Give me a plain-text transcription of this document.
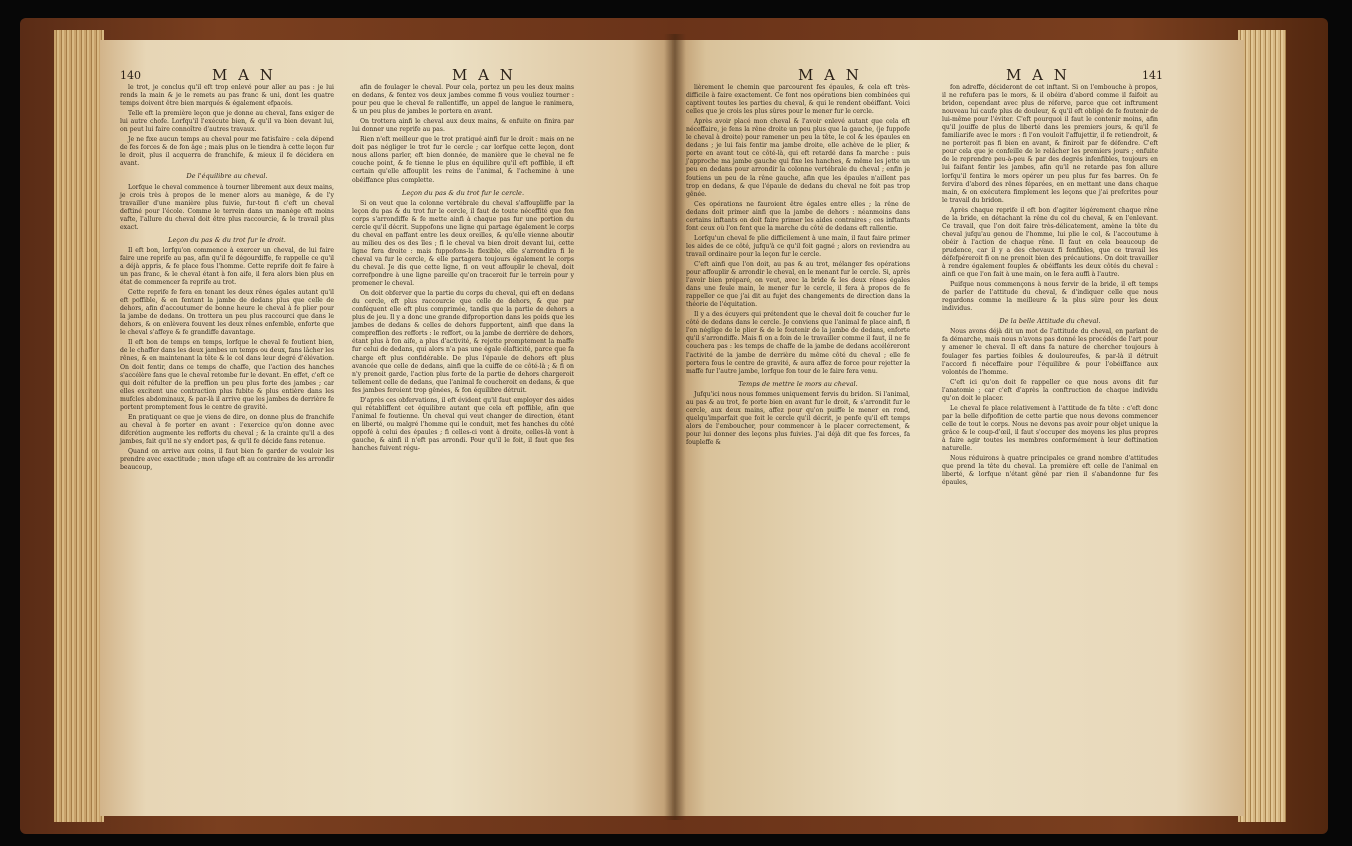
140	M A N	M A N

le trot, je conclus qu'il eft trop enlevé pour aller au pas : je lui rends la main & je le remets au pas franc & uni, dont les quatre temps doivent être bien marqués & également efpacés.

Telle eft la première leçon que je donne au cheval, fans exiger de lui autre chofe. Lorfqu'il l'exécute bien, & qu'il va bien devant lui, on peut lui faire connoître d'autres travaux.

Je ne fixe aucun temps au cheval pour me fatisfaire : cela dépend de fes forces & de fon âge ; mais plus on le tiendra à cette leçon fur le droit, plus il acquerra de franchife, & mieux il fe décidera en avant.

De l'équilibre au cheval.

Lorfque le cheval commence à tourner librement aux deux mains, je crois très à propos de le mener alors au manège, & de l'y travailler d'une manière plus fuivie, fur-tout fi c'eft un cheval deftiné pour l'école. Comme le terrein dans un manège eft moins vafte, l'allure du cheval doit être plus raccourcie, & le travail plus exact.

Leçon du pas & du trot fur le droit.

Il eft bon, lorfqu'on commence à exercer un cheval, de lui faire faire une reprife au pas, afin qu'il fe dégourdiffe, fe rappelle ce qu'il a déjà appris, & fe place fous l'homme. Cette reprife doit fe faire à un pas franc, & le cheval étant à fon aife, il fera alors bien plus en état de commencer fa reprife au trot.

Cette reprife fe fera en tenant les deux rênes égales autant qu'il eft poffible, & en fentant la jambe de dedans plus que celle de dehors, afin d'accoutumer de bonne heure le cheval à fe plier pour la jambe de dedans. On trottera un peu plus raccourci que dans le dehors, & on enlèvera fouvent les deux rênes enfemble, enforte que le cheval s'affeye & fe grandiffe davantage.

Il eft bon de temps en temps, lorfque le cheval fe foutient bien, de le chaffer dans les deux jambes un temps ou deux, fans lâcher les rênes, & en maintenant la tête & le col dans leur degré d'élévation. On doit fentir, dans ce temps de chaffe, que l'action des hanches s'accélère fans que le cheval retombe fur le devant. En effet, c'eft ce qui doit réfulter de la preffion un peu plus forte des jambes ; car elles excitent une contraction plus fubite & plus entière dans les mufcles abdominaux, & par-là il arrive que les jambes de derrière fe portent promptement fous le centre de gravité.

En pratiquant ce que je viens de dire, on donne plus de franchife au cheval à fe porter en avant : l'exercice qu'on donne avec difcrétion augmente les refforts du cheval ; & la crainte qu'il a des jambes, fait qu'il ne s'y endort pas, & qu'il fe décide fans retenue.

Quand on arrive aux coins, il faut bien fe garder de vouloir les prendre avec exactitude ; mon ufage eft au contraire de les arrondir beaucoup,

afin de foulager le cheval. Pour cela, portez un peu les deux mains en dedans, & fentez vos deux jambes comme fi vous vouliez tourner : pour peu que le cheval fe rallentiffe, un appel de langue le ranimera, & un peu plus de jambes le portera en avant.

On trottera ainfi le cheval aux deux mains, & enfuite on finira par lui donner une reprife au pas.

Rien n'eft meilleur que le trot pratiqué ainfi fur le droit : mais on ne doit pas négliger le trot fur le cercle ; car lorfque cette leçon, dont nous allons parler, eft bien donnée, de manière que le cheval ne fe couche point, & fe tienne le plus en équilibre qu'il eft poffible, il eft certain qu'elle affouplit les reins de l'animal, & l'achemine à une obéiffance plus complette.

Leçon du pas & du trot fur le cercle.

Si on veut que la colonne vertébrale du cheval s'affoupliffe par la leçon du pas & du trot fur le cercle, il faut de toute néceffité que fon corps s'arrondiffe & fe mette ainfi à chaque pas fur une portion du cercle qu'il décrit. Suppofons une ligne qui partage également le corps du cheval en paffant entre les deux oreilles, & qu'elle vienne aboutir au milieu des os des îles ; fi le cheval va bien droit devant lui, cette ligne fera droite : mais fuppofons-la flexible, elle s'arrondira fi le cheval va fur le cercle, & elle partagera toujours également le corps du cheval. Je dis que cette ligne, fi on veut affouplir le cheval, doit correfpondre à une ligne pareille qu'on traceroit fur le terrein pour y promener le cheval.

On doit obferver que la partie du corps du cheval, qui eft en dedans du cercle, eft plus raccourcie que celle de dehors, & que par conféquent elle eft plus comprimée, tandis que la partie de dehors a plus de jeu. Il y a donc une grande difproportion dans les poids que les jambes de dedans & celles de dehors fupportent, ainfi que dans la compreffion des refforts : le reffort, ou la jambe de derrière de dehors, étant plus à fon aife, a plus d'activité, & rejette promptement la maffe fur celui de dedans, qui alors n'a pas une égale élafticité, parce que fa charge eft plus confidérable. De plus l'épaule de dehors eft plus avancée que celle de dedans, ainfi que la cuiffe de ce côté-là ; & fi on n'y prenoit garde, l'action plus forte de la partie de dehors chargeroit tellement celle de dedans, que l'animal fe coucheroit en dedans, & que fes jambes feroient trop gênées, & fon équilibre détruit.

D'après ces obfervations, il eft évident qu'il faut employer des aides qui rétabliffent cet équilibre autant que cela eft poffible, afin que l'animal fe foutienne. Un cheval qui veut changer de direction, étant en liberté, ou malgré l'homme qui le conduit, met fes hanches du côté oppofé à celui des épaules ; fi celles-ci vont à droite, celles-là vont à gauche, & ainfi il n'eft pas arrondi. Pour qu'il le foit, il faut que fes hanches fuivent régu-

M A N	M A N	141

lièrement le chemin que parcourent fes épaules, & cela eft très-difficile à faire exactement. Ce font nos opérations bien combinées qui captivent toutes les parties du cheval, & qui le rendent obéiffant. Voici celles que je crois les plus sûres pour le mener fur le cercle.

Après avoir placé mon cheval & l'avoir enlevé autant que cela eft néceffaire, je fens la rêne droite un peu plus que la gauche, (je fuppofe le cheval à droite) pour ramener un peu la tête, le col & les épaules en dedans ; je lui fais fentir ma jambe droite, elle achève de le plier, & porte en avant tout ce côté-là, qui eft retardé dans fa marche : puis j'approche ma jambe gauche qui fixe les hanches, & même les jette un peu en dedans pour arrondir la colonne vertébrale du cheval ; enfin je foutiens un peu de la rêne gauche, afin que les épaules n'aillent pas trop en dedans, & que l'épaule de dedans du cheval ne foit pas trop gênée.

Ces opérations ne fauroient être égales entre elles ; la rêne de dedans doit primer ainfi que la jambe de dehors : néanmoins dans certains inftants on doit faire primer les aides contraires ; ces inftants font ceux où l'on fent que la marche du côté de dedans eft rallentie.

Lorfqu'un cheval fe plie difficilement à une main, il faut faire primer les aides de ce côté, jufqu'à ce qu'il foit gagné ; alors on reviendra au travail ordinaire pour la leçon fur le cercle.

C'eft ainfi que l'on doit, au pas & au trot, mélanger fes opérations pour affouplir & arrondir le cheval, en le menant fur le cercle. Si, après l'avoir bien préparé, on veut, avec la bride & les deux rênes égales dans une feule main, le mener fur le cercle, il fera à propos de fe rappeller ce que j'ai dit au fujet des changements de direction dans la théorie de l'équitation.

Il y a des écuyers qui prétendent que le cheval doit fe coucher fur le côté de dedans dans le cercle. Je conviens que l'animal fe place ainfi, fi l'on néglige de le plier & de le foutenir de la jambe de dedans, enforte qu'il s'arrondiffe. Mais fi on a foin de le travailler comme il faut, il ne fe couchera pas : les temps de chaffe de la jambe de dedans accéléreront l'activité de la jambe de derrière du même côté du cheval ; elle fe portera fous le centre de gravité, & aura affez de force pour rejetter la maffe fur l'autre jambe, lorfque fon tour de le faire fera venu.

Temps de mettre le mors au cheval.

Jufqu'ici nous nous fommes uniquement fervis du bridon. Si l'animal, au pas & au trot, fe porte bien en avant fur le droit, & s'arrondit fur le cercle, aux deux mains, affez pour qu'on puiffe le mener en rond, quelqu'imparfait que foit le cercle qu'il décrit, je penfe qu'il eft temps alors de l'emboucher, pour commencer à le placer correctement, & pour lui donner des leçons plus fuivies. J'ai déjà dit que fes forces, fa foupleffe &

fon adreffe, décideront de cet inftant. Si on l'embouche à propos, il ne refufera pas le mors, & il obéira d'abord comme il faifoit au bridon, cependant avec plus de réferve, parce que cet inftrument nouveau lui caufe plus de douleur, & qu'il eft obligé de fe foutenir de lui-même pour l'éviter. C'eft pourquoi il faut le contenir moins, afin qu'il jouiffe de plus de liberté dans les premiers jours, & qu'il fe familiarife avec le mors : fi l'on vouloit l'affujettir, il fe retiendroit, & ne porteroit pas fi bien en avant, & finiroit par fe défendre. C'eft pour cela que je confeille de le relâcher les premiers jours ; enfuite de le reprendre peu-à-peu & par des degrés infenfibles, toujours en lui faifant fentir les jambes, afin qu'il ne retarde pas fon allure lorfqu'il fentira le mors opérer un peu plus fur fes barres. On fe fervira d'abord des rênes féparées, en en mettant une dans chaque main, & on exécutera fimplement les leçons que j'ai prefcrites pour le travail du bridon.

Après chaque reprife il eft bon d'agiter légérement chaque rêne de la bride, en détachant la rêne du col du cheval, & en l'enlevant. Ce travail, que l'on doit faire très-délicatement, amène la tête du cheval jufqu'au genou de l'homme, lui plie le col, & l'accoutume à obéir à l'action de chaque rêne. Il faut en cela beaucoup de prudence, car il y a des chevaux fi fenfibles, que ce travail les défefpéreroit fi on ne prenoit bien des précautions. On doit travailler à rendre également fouples & obéiffants les deux côtés du cheval : ainfi ce que l'on fait à une main, on le fera auffi à l'autre.

Puifque nous commençons à nous fervir de la bride, il eft temps de parler de l'attitude du cheval, & d'indiquer celle que nous regardons comme la meilleure & la plus sûre pour les deux individus.

De la belle Attitude du cheval.

Nous avons déjà dit un mot de l'attitude du cheval, en parlant de fa démarche, mais nous n'avons pas donné les procédés de l'art pour y amener le cheval. Il eft dans fa nature de chercher toujours à foulager fes parties foibles & douloureufes, & par-là il détruit l'accord fi néceffaire pour l'équilibre & pour l'obéiffance aux volontés de l'homme.

C'eft ici qu'on doit fe rappeller ce que nous avons dit fur l'anatomie ; car c'eft d'après la conftruction de chaque individu qu'on doit le placer.

Le cheval fe place relativement à l'attitude de fa tête : c'eft donc par la belle difpofition de cette partie que nous devons commencer celle de tout le corps. Nous ne devons pas avoir pour objet unique la grâce & le coup-d'œil, il faut s'occuper des moyens les plus propres à faire agir toutes les membres conformément à leur deftination naturelle.

Nous réduirons à quatre principales ce grand nombre d'attitudes que prend la tête du cheval. La première eft celle de l'animal en liberté, & lorfque n'étant gêné par rien il s'abandonne fur fes épaules,
